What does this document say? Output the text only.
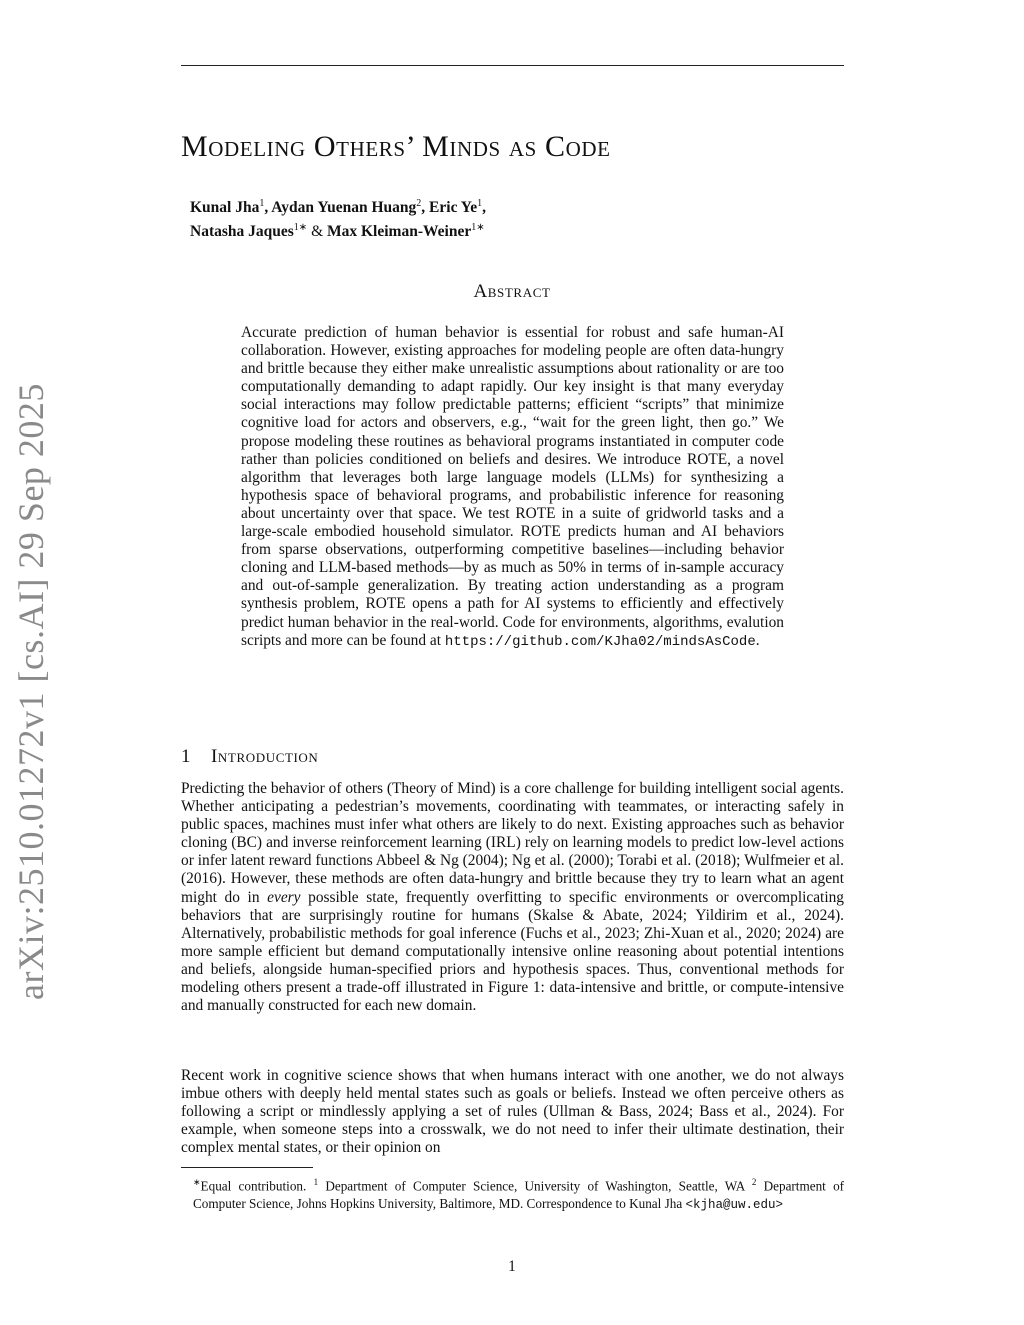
arXiv:2510.01272v1 [cs.AI] 29 Sep 2025
Modeling Others’ Minds as Code
Kunal Jha$^1$, Aydan Yuenan Huang$^2$, Eric Ye$^1$,
Natasha Jaques$^{1∗}$ & Max Kleiman-Weiner$^{1∗}$
Abstract
Accurate prediction of human behavior is essential for robust and safe human-AI collaboration. However, existing approaches for modeling people are often data-hungry and brittle because they either make unrealistic assumptions about rationality or are too computationally demanding to adapt rapidly. Our key insight is that many everyday social interactions may follow predictable patterns; efficient “scripts” that minimize cognitive load for actors and observers, e.g., “wait for the green light, then go.” We propose modeling these routines as behavioral programs instantiated in computer code rather than policies conditioned on beliefs and desires. We introduce ROTE, a novel algorithm that leverages both large language models (LLMs) for synthesizing a hypothesis space of behavioral programs, and probabilistic inference for reasoning about uncertainty over that space. We test ROTE in a suite of gridworld tasks and a large-scale embodied household simulator. ROTE predicts human and AI behaviors from sparse observations, outperforming competitive baselines—including behavior cloning and LLM-based methods—by as much as 50% in terms of in-sample accuracy and out-of-sample generalization. By treating action understanding as a program synthesis problem, ROTE opens a path for AI systems to efficiently and effectively predict human behavior in the real-world. Code for environments, algorithms, evalution scripts and more can be found at https://github.com/KJha02/mindsAsCode.
1 Introduction
Predicting the behavior of others (Theory of Mind) is a core challenge for building intelligent social agents. Whether anticipating a pedestrian’s movements, coordinating with teammates, or interacting safely in public spaces, machines must infer what others are likely to do next. Existing approaches such as behavior cloning (BC) and inverse reinforcement learning (IRL) rely on learning models to predict low-level actions or infer latent reward functions Abbeel & Ng (2004); Ng et al. (2000); Torabi et al. (2018); Wulfmeier et al. (2016). However, these methods are often data-hungry and brittle because they try to learn what an agent might do in every possible state, frequently overfitting to specific environments or overcomplicating behaviors that are surprisingly routine for humans (Skalse & Abate, 2024; Yildirim et al., 2024). Alternatively, probabilistic methods for goal inference (Fuchs et al., 2023; Zhi-Xuan et al., 2020; 2024) are more sample efficient but demand computationally intensive online reasoning about potential intentions and beliefs, alongside human-specified priors and hypothesis spaces. Thus, conventional methods for modeling others present a trade-off illustrated in Figure 1: data-intensive and brittle, or compute-intensive and manually constructed for each new domain.
Recent work in cognitive science shows that when humans interact with one another, we do not always imbue others with deeply held mental states such as goals or beliefs. Instead we often perceive others as following a script or mindlessly applying a set of rules (Ullman & Bass, 2024; Bass et al., 2024). For example, when someone steps into a crosswalk, we do not need to infer their ultimate destination, their complex mental states, or their opinion on
∗Equal contribution. $^1$ Department of Computer Science, University of Washington, Seattle, WA $^2$ Department of Computer Science, Johns Hopkins University, Baltimore, MD. Correspondence to Kunal Jha <kjha@uw.edu>
1
